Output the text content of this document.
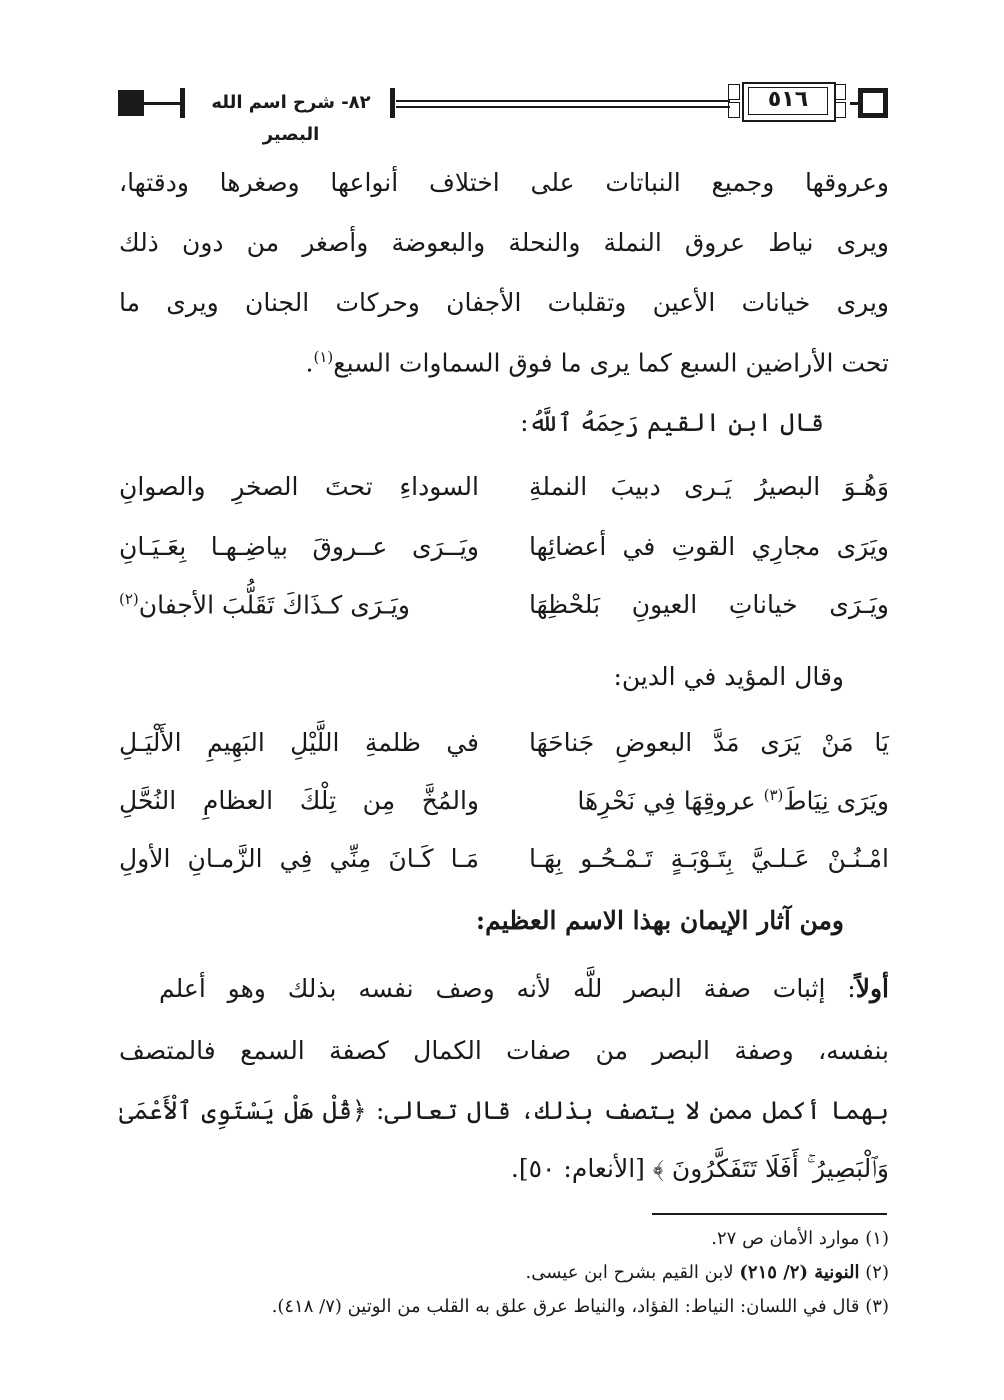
٨٢- شرح اسم الله البصير
٥١٦
وعروقها وجميع النباتات على اختلاف أنواعها وصغرها ودقتها،
ويرى نياط عروق النملة والنحلة والبعوضة وأصغر من دون ذلك
ويرى خيانات الأعين وتقلبات الأجفان وحركات الجنان ويرى ما
تحت الأراضين السبع كما يرى ما فوق السماوات السبع$^{(١)}$.
قال ابن القيم رَحِمَهُ ٱللَّهُ:
وَهُـوَ البصيرُ يَـرى دبيبَ النملةِ
السوداءِ تحتَ الصخرِ والصوانِ
ويَرَى مجارِي القوتِ في أعضائِها
ويَــرَى عــروقَ بياضِـهـا بِعَـيَـانِ
ويَـرَى خياناتِ العيونِ بَلحْظِهَا
ويَـرَى كـذَاكَ تَقَلُّبَ الأجفان$^{(٢)}$
وقال المؤيد في الدين:
يَا مَنْ يَرَى مَدَّ البعوضِ جَناحَهَا
في ظلمةِ اللَّيْلِ البَهِيمِ الأَلْيَـلِ
ويَرَى نِيَاطَ$^{(٣)}$ عروقِهَا فِي نَحْرِهَا
والمُخَّ مِن تِلْكَ العظامِ النُحَّلِ
امْـنُـنْ عَـلـيَّ بِتَـوْبَـةٍ تَـمْـحُـو بِهَـا
مَـا كَـانَ مِنِّي فِي الزَّمـانِ الأولِ
ومن آثار الإيمان بهذا الاسم العظيم:
أولاً: إثبات صفة البصر للَّه لأنه وصف نفسه بذلك وهو أعلم
بنفسه، وصفة البصر من صفات الكمال كصفة السمع فالمتصف
بهما أكمل ممن لا يتصف بذلك، قال تعالى: ﴿قُلْ هَلْ يَسْتَوِى ٱلْأَعْمَىٰ
وَٱلْبَصِيرُ ۚ أَفَلَا تَتَفَكَّرُونَ ﴾ [الأنعام: ٥٠].
(١) موارد الأمان ص ٢٧.
(٢) النونية (٢/ ٢١٥) لابن القيم بشرح ابن عيسى.
(٣) قال في اللسان: النياط: الفؤاد، والنياط عرق علق به القلب من الوتين (٧/ ٤١٨).
